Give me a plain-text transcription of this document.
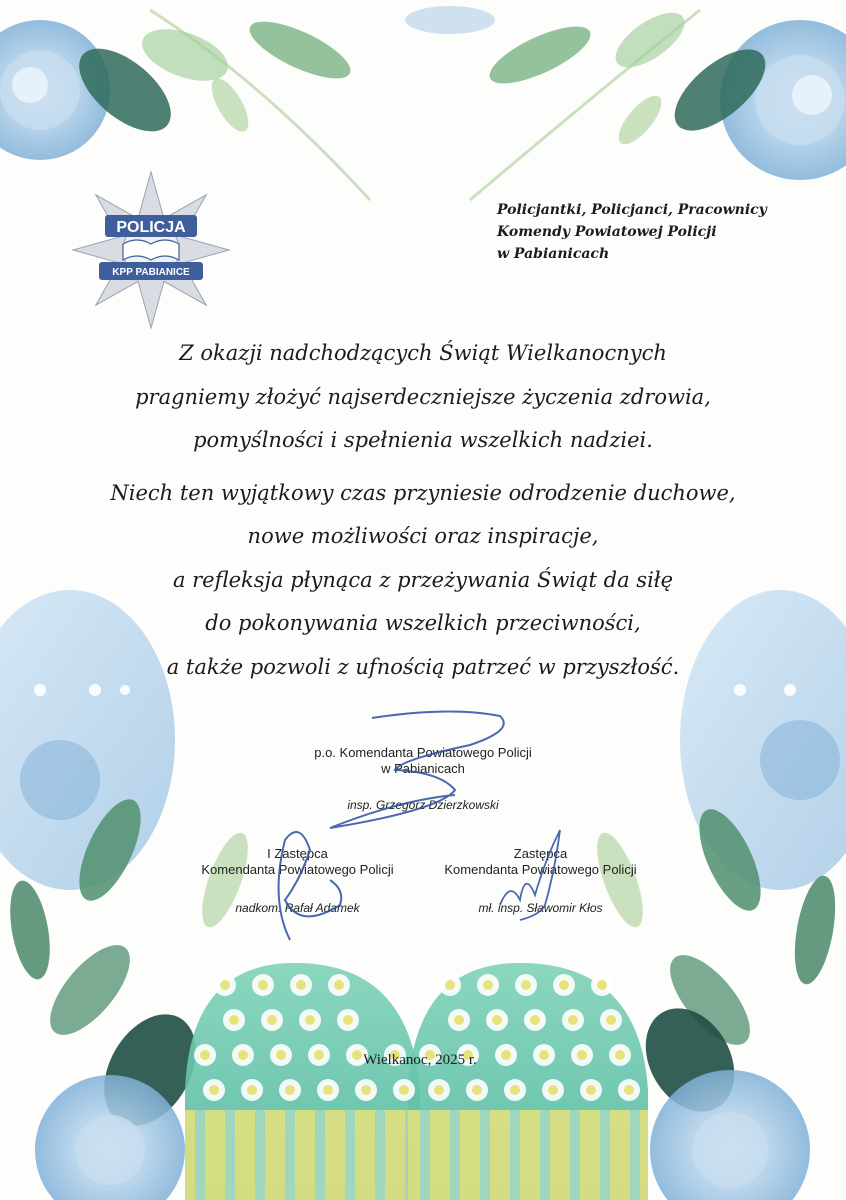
POLICJA
KPP PABIANICE
Policjantki, Policjanci, Pracownicy
Komendy Powiatowej Policji
w Pabianicach
Z okazji nadchodzących Świąt Wielkanocnych
pragniemy złożyć najserdeczniejsze życzenia zdrowia,
pomyślności i spełnienia wszelkich nadziei.
Niech ten wyjątkowy czas przyniesie odrodzenie duchowe,
nowe możliwości oraz inspiracje,
a refleksja płynąca z przeżywania Świąt da siłę
do pokonywania wszelkich przeciwności,
a także pozwoli z ufnością patrzeć w przyszłość.
p.o. Komendanta Powiatowego Policji
w Pabianicach
insp. Grzegorz Dzierzkowski
I Zastępca
Komendanta Powiatowego Policji
nadkom. Rafał Adamek
Zastępca
Komendanta Powiatowego Policji
mł. insp. Sławomir Kłos
Wielkanoc, 2025 r.
